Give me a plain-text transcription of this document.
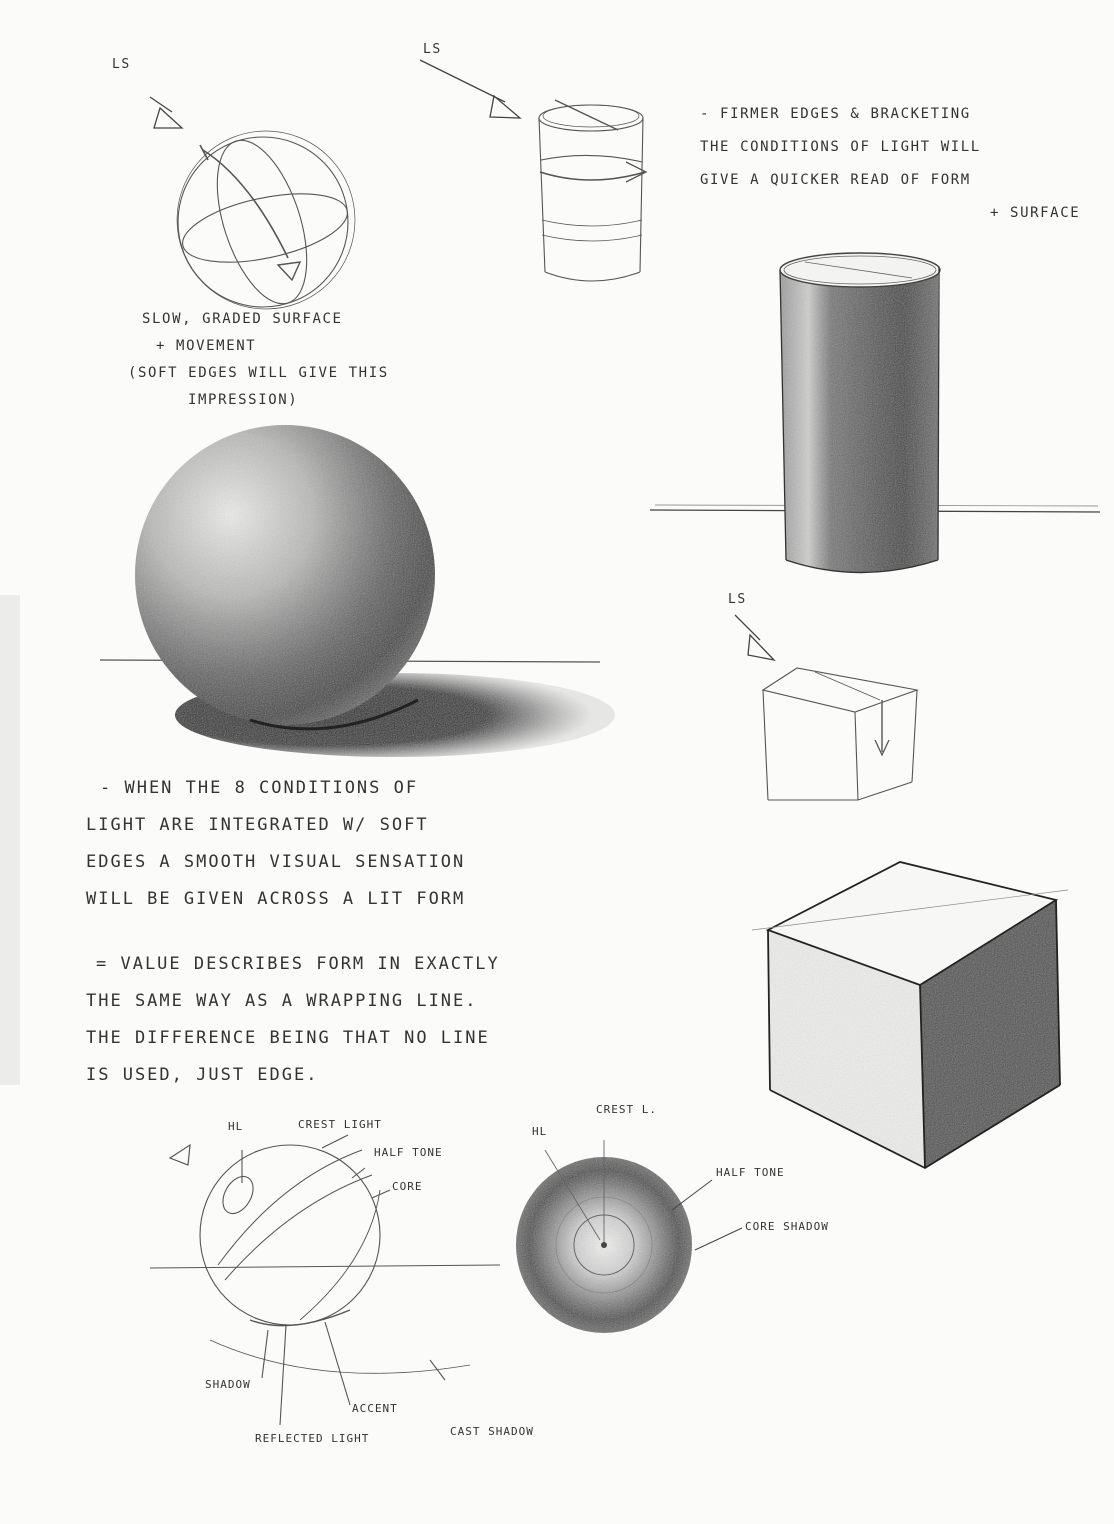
LS
LS
LS
- FIRMER EDGES & BRACKETING
THE CONDITIONS OF LIGHT WILL
GIVE A QUICKER READ OF FORM
+ SURFACE
SLOW, GRADED SURFACE
+ MOVEMENT
(SOFT EDGES WILL GIVE THIS
IMPRESSION)
- WHEN THE 8 CONDITIONS OF
LIGHT ARE INTEGRATED W/ SOFT
EDGES A SMOOTH VISUAL SENSATION
WILL BE GIVEN ACROSS A LIT FORM
= VALUE DESCRIBES FORM IN EXACTLY
THE SAME WAY AS A WRAPPING LINE.
THE DIFFERENCE BEING THAT NO LINE
IS USED, JUST EDGE.
HL	CREST LIGHT
HALF TONE
CORE
SHADOW
ACCENT
REFLECTED LIGHT
CAST SHADOW
HL
CREST L.
HALF TONE
CORE SHADOW
